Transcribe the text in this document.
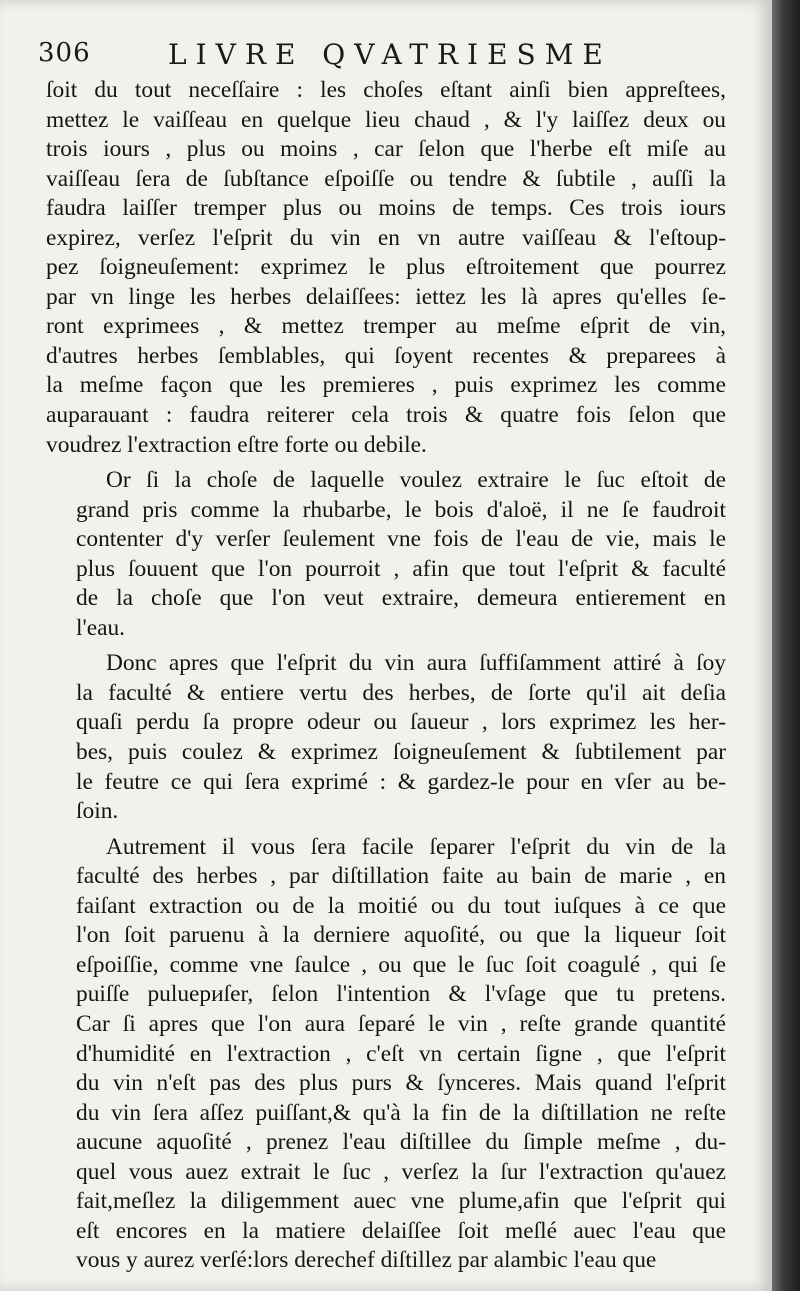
306	LIVRE QVATRIESME
ſoit du tout neceſſaire : les choſes eſtant ainſi bien appreſtees,
mettez le vaiſſeau en quelque lieu chaud , & l'y laiſſez deux ou
trois iours , plus ou moins , car ſelon que l'herbe eſt miſe au
vaiſſeau ſera de ſubſtance eſpoiſſe ou tendre & ſubtile , auſſi la
faudra laiſſer tremper plus ou moins de temps. Ces trois iours
expirez, verſez l'eſprit du vin en vn autre vaiſſeau & l'eſtoup-
pez ſoigneuſement: exprimez le plus eſtroitement que pourrez
par vn linge les herbes delaiſſees: iettez les là apres qu'elles ſe-
ront exprimees , & mettez tremper au meſme eſprit de vin,
d'autres herbes ſemblables, qui ſoyent recentes & preparees à
la meſme façon que les premieres , puis exprimez les comme
auparauant : faudra reiterer cela trois & quatre fois ſelon que
voudrez l'extraction eſtre forte ou debile.
Or ſi la choſe de laquelle voulez extraire le ſuc eſtoit de
grand pris comme la rhubarbe, le bois d'aloë, il ne ſe faudroit
contenter d'y verſer ſeulement vne fois de l'eau de vie, mais le
plus ſouuent que l'on pourroit , afin que tout l'eſprit & faculté
de la choſe que l'on veut extraire, demeura entierement en
l'eau.
Donc apres que l'eſprit du vin aura ſuffiſamment attiré à ſoy
la faculté & entiere vertu des herbes, de ſorte qu'il ait deſia
quaſi perdu ſa propre odeur ou ſaueur , lors exprimez les her-
bes, puis coulez & exprimez ſoigneuſement & ſubtilement par
le feutre ce qui ſera exprimé : & gardez-le pour en vſer au be-
ſoin.
Autrement il vous ſera facile ſeparer l'eſprit du vin de la
faculté des herbes , par diſtillation faite au bain de marie , en
faiſant extraction ou de la moitié ou du tout iuſques à ce que
l'on ſoit paruenu à la derniere aquoſité, ou que la liqueur ſoit
eſpoiſſie, comme vne ſaulce , ou que le ſuc ſoit coagulé , qui ſe
puiſſe puluериſer, ſelon l'intention & l'vſage que tu pretens.
Car ſi apres que l'on aura ſeparé le vin , reſte grande quantité
d'humidité en l'extraction , c'eſt vn certain ſigne , que l'eſprit
du vin n'eſt pas des plus purs & ſynceres. Mais quand l'eſprit
du vin ſera aſſez puiſſant,& qu'à la fin de la diſtillation ne reſte
aucune aquoſité , prenez l'eau diſtillee du ſimple meſme , du-
quel vous auez extrait le ſuc , verſez la ſur l'extraction qu'auez
fait,meſlez la diligemment auec vne plume,afin que l'eſprit qui
eſt encores en la matiere delaiſſee ſoit meſlé auec l'eau que
vous y aurez verſé:lors derechef diſtillez par alambic l'eau que
